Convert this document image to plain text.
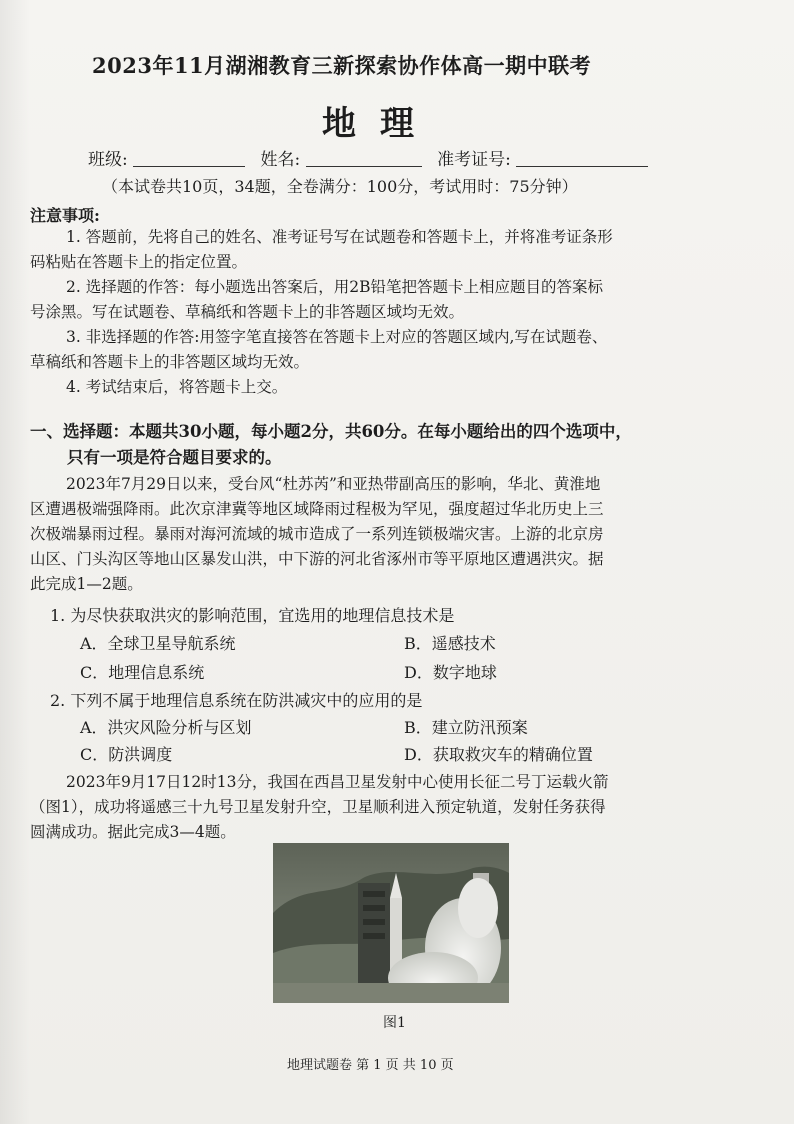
2023年11月湖湘教育三新探索协作体高一期中联考
地理
班级:	姓名:	准考证号:
（本试卷共10页，34题，全卷满分：100分，考试用时：75分钟）
注意事项:
1. 答题前，先将自己的姓名、准考证号写在试题卷和答题卡上，并将准考证条形
码粘贴在答题卡上的指定位置。
2. 选择题的作答：每小题选出答案后，用2B铅笔把答题卡上相应题目的答案标
号涂黑。写在试题卷、草稿纸和答题卡上的非答题区域均无效。
3. 非选择题的作答:用签字笔直接答在答题卡上对应的答题区域内,写在试题卷、
草稿纸和答题卡上的非答题区域均无效。
4. 考试结束后，将答题卡上交。
一、选择题：本题共30小题，每小题2分，共60分。在每小题给出的四个选项中，
只有一项是符合题目要求的。
2023年7月29日以来，受台风“杜苏芮”和亚热带副高压的影响，华北、黄淮地
区遭遇极端强降雨。此次京津冀等地区域降雨过程极为罕见，强度超过华北历史上三
次极端暴雨过程。暴雨对海河流域的城市造成了一系列连锁极端灾害。上游的北京房
山区、门头沟区等地山区暴发山洪，中下游的河北省涿州市等平原地区遭遇洪灾。据
此完成1—2题。
1. 为尽快获取洪灾的影响范围，宜选用的地理信息技术是
A．全球卫星导航系统	B．遥感技术
C．地理信息系统	D．数字地球
2. 下列不属于地理信息系统在防洪减灾中的应用的是
A．洪灾风险分析与区划	B．建立防汛预案
C．防洪调度	D．获取救灾车的精确位置
2023年9月17日12时13分，我国在西昌卫星发射中心使用长征二号丁运载火箭
（图1），成功将遥感三十九号卫星发射升空，卫星顺利进入预定轨道，发射任务获得
圆满成功。据此完成3—4题。
图1
地理试题卷 第 1 页 共 10 页
